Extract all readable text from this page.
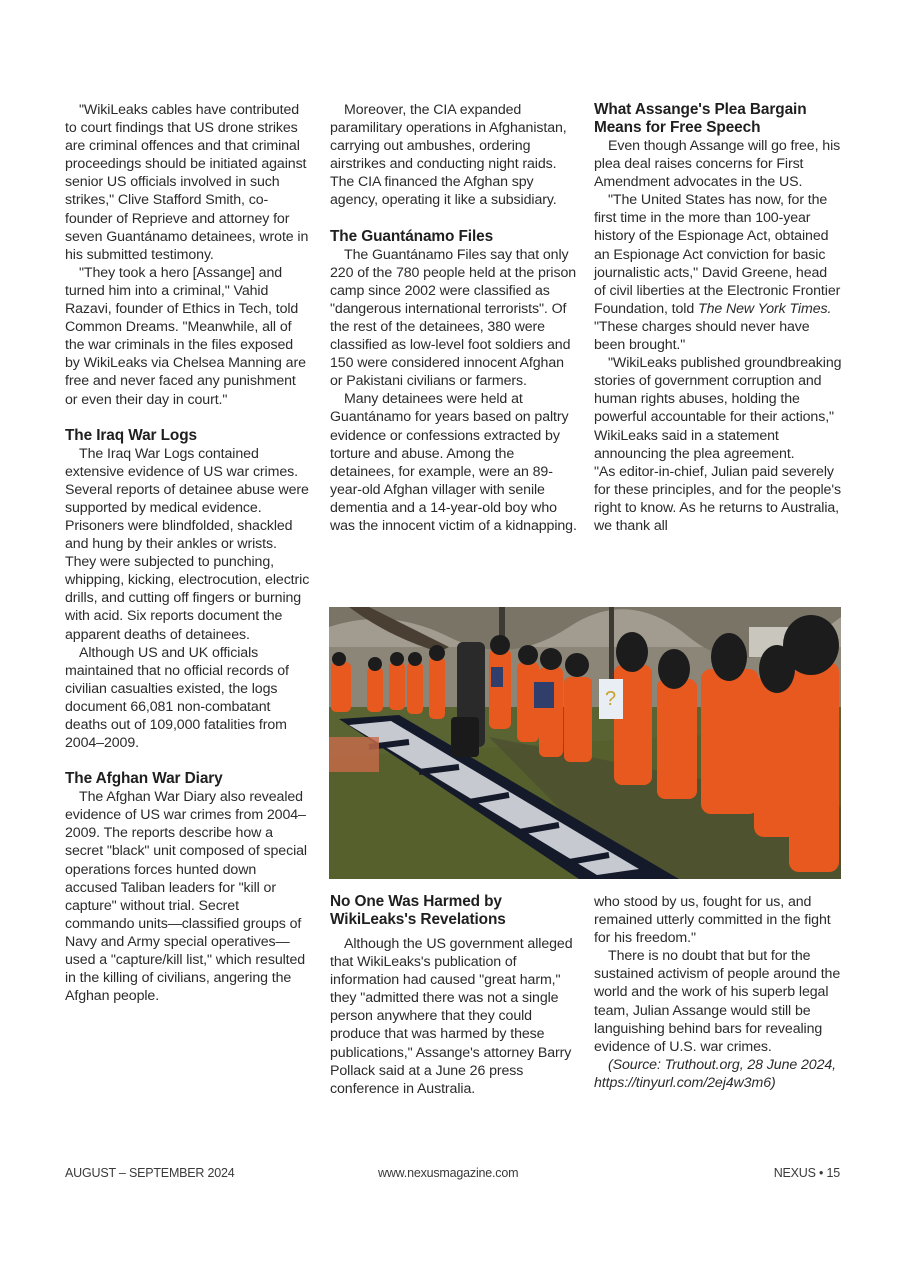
"WikiLeaks cables have contributed to court findings that US drone strikes are criminal offences and that criminal proceedings should be initiated against senior US officials involved in such strikes," Clive Stafford Smith, co-founder of Reprieve and attorney for seven Guantánamo detainees, wrote in his submitted testimony.

"They took a hero [Assange] and turned him into a criminal," Vahid Razavi, founder of Ethics in Tech, told Common Dreams. "Meanwhile, all of the war criminals in the files exposed by WikiLeaks via Chelsea Manning are free and never faced any punishment or even their day in court."

The Iraq War Logs

The Iraq War Logs contained extensive evidence of US war crimes. Several reports of detainee abuse were supported by medical evidence. Prisoners were blindfolded, shackled and hung by their ankles or wrists. They were subjected to punching, whipping, kicking, electrocution, electric drills, and cutting off fingers or burning with acid. Six reports document the apparent deaths of detainees.

Although US and UK officials maintained that no official records of civilian casualties existed, the logs document 66,081 non-combatant deaths out of 109,000 fatalities from 2004–2009.

The Afghan War Diary

The Afghan War Diary also revealed evidence of US war crimes from 2004–2009. The reports describe how a secret "black" unit composed of special operations forces hunted down accused Taliban leaders for "kill or capture" without trial. Secret commando units—classified groups of Navy and Army special operatives—used a "capture/kill list," which resulted in the killing of civilians, angering the Afghan people.

Moreover, the CIA expanded paramilitary operations in Afghanistan, carrying out ambushes, ordering airstrikes and conducting night raids. The CIA financed the Afghan spy agency, operating it like a subsidiary.

The Guantánamo Files

The Guantánamo Files say that only 220 of the 780 people held at the prison camp since 2002 were classified as "dangerous international terrorists". Of the rest of the detainees, 380 were classified as low-level foot soldiers and 150 were considered innocent Afghan or Pakistani civilians or farmers.

Many detainees were held at Guantánamo for years based on paltry evidence or confessions extracted by torture and abuse. Among the detainees, for example, were an 89-year-old Afghan villager with senile dementia and a 14-year-old boy who was the innocent victim of a kidnapping.

What Assange's Plea Bargain Means for Free Speech

Even though Assange will go free, his plea deal raises concerns for First Amendment advocates in the US.

"The United States has now, for the first time in the more than 100-year history of the Espionage Act, obtained an Espionage Act conviction for basic journalistic acts," David Greene, head of civil liberties at the Electronic Frontier Foundation, told The New York Times. "These charges should never have been brought."

"WikiLeaks published groundbreaking stories of government corruption and human rights abuses, holding the powerful accountable for their actions," WikiLeaks said in a statement announcing the plea agreement.

"As editor-in-chief, Julian paid severely for these principles, and for the people's right to know. As he returns to Australia, we thank all

?
No One Was Harmed by WikiLeaks's Revelations

Although the US government alleged that WikiLeaks's publication of information had caused "great harm," they "admitted there was not a single person anywhere that they could produce that was harmed by these publications," Assange's attorney Barry Pollack said at a June 26 press conference in Australia.

who stood by us, fought for us, and remained utterly committed in the fight for his freedom."

There is no doubt that but for the sustained activism of people around the world and the work of his superb legal team, Julian Assange would still be languishing behind bars for revealing evidence of U.S. war crimes.

(Source: Truthout.org, 28 June 2024, https://tinyurl.com/2ej4w3m6)

AUGUST – SEPTEMBER 2024	www.nexusmagazine.com	NEXUS • 15
